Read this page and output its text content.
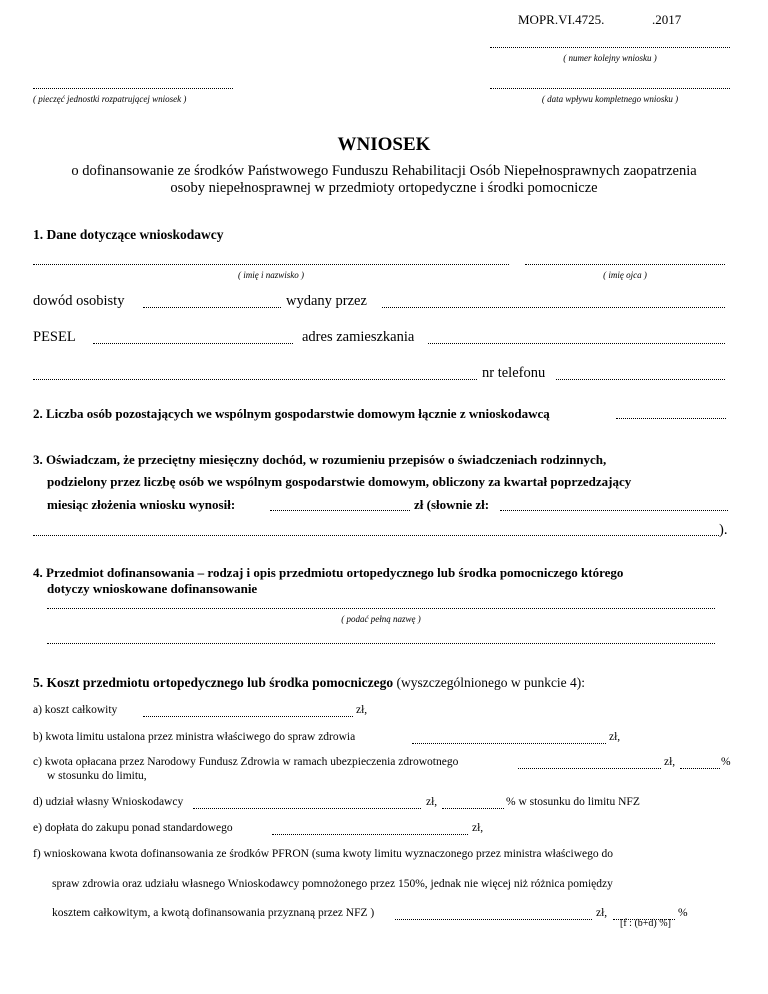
MOPR.VI.4725.	.2017
( numer kolejny wniosku )
( pieczęć jednostki rozpatrującej wniosek )	( data wpływu kompletnego wniosku )
WNIOSEK
o dofinansowanie ze środków Państwowego Funduszu Rehabilitacji Osób Niepełnosprawnych zaopatrzenia
osoby niepełnosprawnej w przedmioty ortopedyczne i środki pomocnicze
1. Dane dotyczące wnioskodawcy
( imię i nazwisko )	( imię ojca )
dowód osobisty	wydany przez
PESEL	adres zamieszkania
nr telefonu
2. Liczba osób pozostających we wspólnym gospodarstwie domowym łącznie z wnioskodawcą
3. Oświadczam, że przeciętny miesięczny dochód, w rozumieniu przepisów o świadczeniach rodzinnych,
podzielony przez liczbę osób we wspólnym gospodarstwie domowym, obliczony za kwartał poprzedzający
miesiąc złożenia wniosku wynosił:	zł (słownie zł:
).
4. Przedmiot dofinansowania – rodzaj i opis przedmiotu ortopedycznego lub środka pomocniczego którego
dotyczy wnioskowane dofinansowanie
( podać pełną nazwę )
5. Koszt przedmiotu ortopedycznego lub środka pomocniczego (wyszczególnionego w punkcie 4):
a) koszt całkowity	zł,
b) kwota limitu ustalona przez ministra właściwego do spraw zdrowia	zł,
c) kwota opłacana przez Narodowy Fundusz Zdrowia w ramach ubezpieczenia zdrowotnego	zł,	%
w stosunku do limitu,
d) udział własny Wnioskodawcy	zł,	% w stosunku do limitu NFZ
e) dopłata do zakupu ponad standardowego	zł,
f) wnioskowana kwota dofinansowania ze środków PFRON (suma kwoty limitu wyznaczonego przez ministra właściwego do
spraw zdrowia oraz udziału własnego Wnioskodawcy pomnożonego przez 150%, jednak nie więcej niż różnica pomiędzy
kosztem całkowitym, a kwotą dofinansowania przyznaną przez NFZ )	zł,	%
[f : (b+d) %]
